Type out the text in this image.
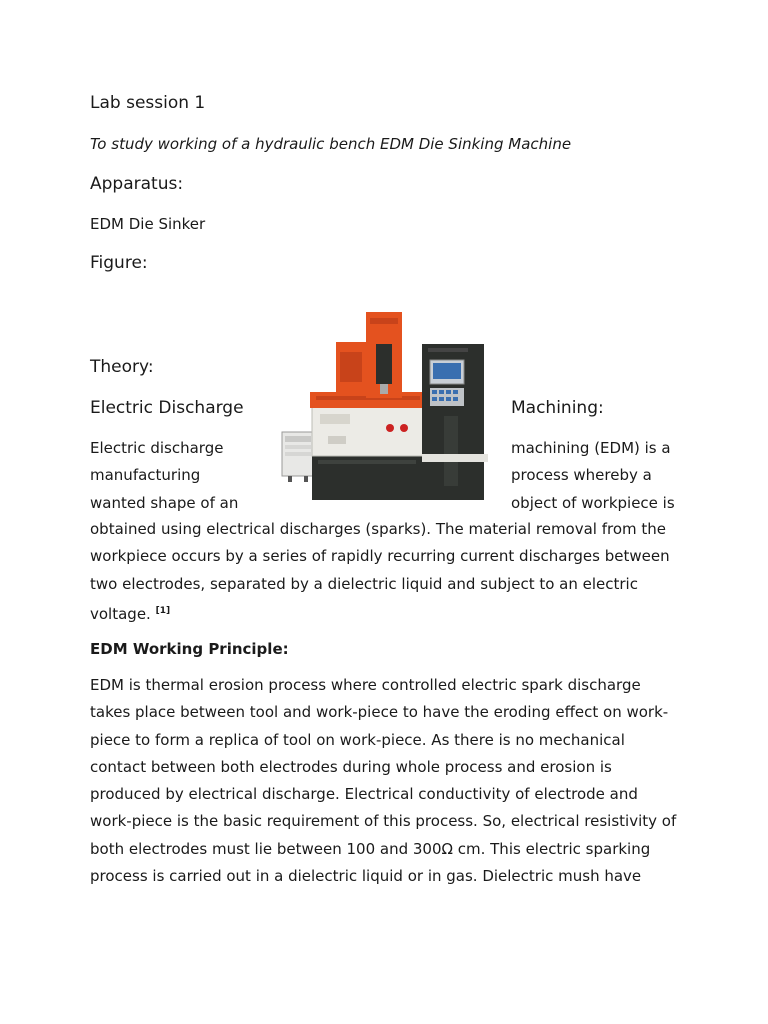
Lab session 1

To study working of a hydraulic bench EDM Die Sinking Machine

Apparatus:

EDM Die Sinker

Figure:
Theory:
Electric Discharge	Machining:

Electric discharge

manufacturing

wanted shape of an

machining (EDM) is a

process whereby a

object of workpiece is

obtained using electrical discharges (sparks). The material removal from the workpiece occurs by a series of rapidly recurring current discharges between two electrodes, separated by a dielectric liquid and subject to an electric voltage. [1]

EDM Working Principle:

EDM is thermal erosion process where controlled electric spark discharge takes place between tool and work-piece to have the eroding effect on work-piece to form a replica of tool on work-piece. As there is no mechanical contact between both electrodes during whole process and erosion is produced by electrical discharge. Electrical conductivity of electrode and work-piece is the basic requirement of this process. So, electrical resistivity of both electrodes must lie between 100 and 300Ω cm. This electric sparking process is carried out in a dielectric liquid or in gas. Dielectric mush have
